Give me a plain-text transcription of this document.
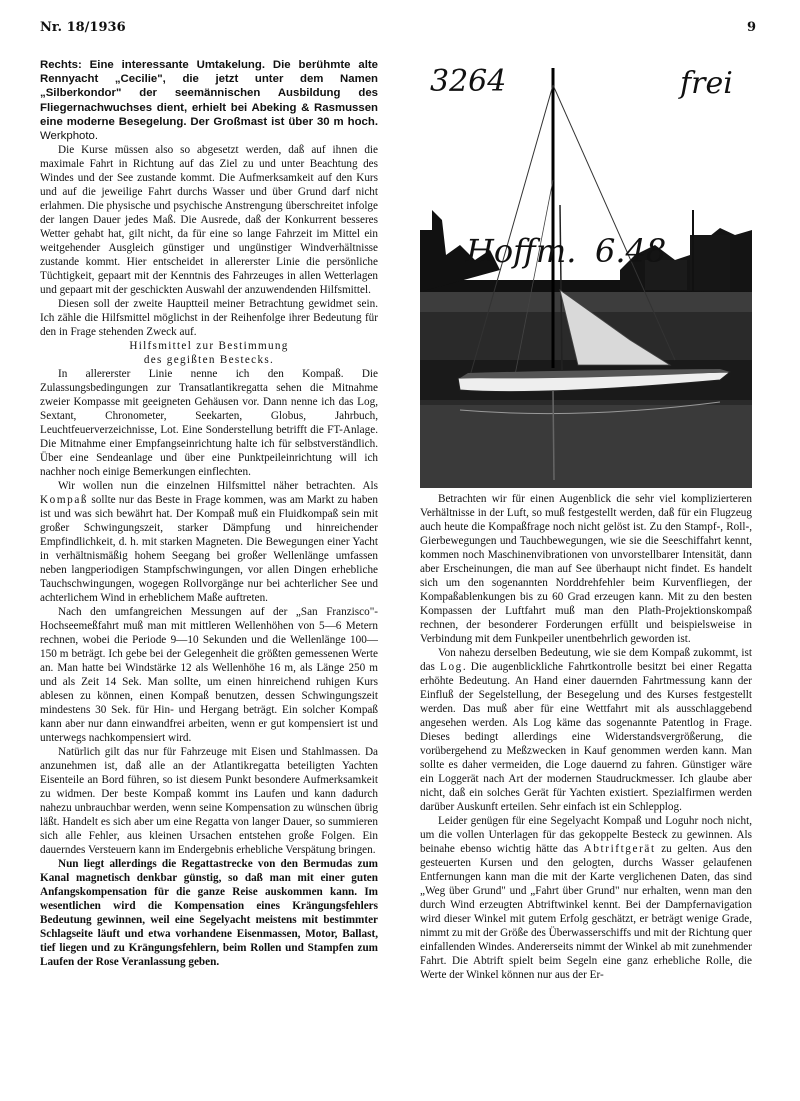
Nr. 18/1936	9

Rechts: Eine interessante Umtakelung. Die berühmte alte Rennyacht „Cecilie", die jetzt unter dem Namen „Silberkondor" der seemännischen Ausbildung des Fliegernachwuchses dient, erhielt bei Abeking & Rasmussen eine moderne Besegelung. Der Großmast ist über 30 m hoch. Werkphoto.

Die Kurse müssen also so abgesetzt werden, daß auf ihnen die maximale Fahrt in Richtung auf das Ziel zu und unter Beachtung des Windes und der See zustande kommt. Die Aufmerksamkeit auf den Kurs und auf die jeweilige Fahrt durchs Wasser und über Grund darf nicht erlahmen. Die physische und psychische Anstrengung überschreitet infolge der langen Dauer jedes Maß. Die Ausrede, daß der Konkurrent besseres Wetter gehabt hat, gilt nicht, da für eine so lange Fahrzeit im Mittel ein weitgehender Ausgleich günstiger und ungünstiger Windverhältnisse zustande kommt. Hier entscheidet in allererster Linie die persönliche Tüchtigkeit, gepaart mit der Kenntnis des Fahrzeuges in allen Wetterlagen und gepaart mit der geschickten Auswahl der anzuwendenden Hilfsmittel.

Diesen soll der zweite Hauptteil meiner Betrachtung gewidmet sein. Ich zähle die Hilfsmittel möglichst in der Reihenfolge ihrer Bedeutung für den in Frage stehenden Zweck auf.

Hilfsmittel zur Bestimmung
des gegißten Bestecks.

In allererster Linie nenne ich den Kompaß. Die Zulassungsbedingungen zur Transatlantikregatta sehen die Mitnahme zweier Kompasse mit geeigneten Gehäusen vor. Dann nenne ich das Log, Sextant, Chronometer, Seekarten, Globus, Jahrbuch, Leuchtfeuerverzeichnisse, Lot. Eine Sonderstellung betrifft die FT-Anlage. Die Mitnahme einer Empfangseinrichtung halte ich für selbstverständlich. Über eine Sendeanlage und über eine Punktpeileinrichtung will ich nachher noch einige Bemerkungen einflechten.

Wir wollen nun die einzelnen Hilfsmittel näher betrachten. Als Kompaß sollte nur das Beste in Frage kommen, was am Markt zu haben ist und was sich bewährt hat. Der Kompaß muß ein Fluidkompaß sein mit großer Schwingungszeit, starker Dämpfung und hinreichender Empfindlichkeit, d. h. mit starken Magneten. Die Bewegungen einer Yacht in verhältnismäßig hohem Seegang bei großer Wellenlänge umfassen neben langperiodigen Stampfschwingungen, vor allen Dingen erhebliche Tauchschwingungen, wogegen Rollvorgänge nur bei achterlicher See und achterlichem Wind in erheblichem Maße auftreten.

Nach den umfangreichen Messungen auf der „San Franzisco"-Hochseemeßfahrt muß man mit mittleren Wellenhöhen von 5—6 Metern rechnen, wobei die Periode 9—10 Sekunden und die Wellenlänge 100—150 m beträgt. Ich gebe bei der Gelegenheit die größten gemessenen Werte an. Man hatte bei Windstärke 12 als Wellenhöhe 16 m, als Länge 250 m und als Zeit 14 Sek. Man sollte, um einen hinreichend ruhigen Kurs ablesen zu können, einen Kompaß benutzen, dessen Schwingungszeit mindestens 30 Sek. für Hin- und Hergang beträgt. Ein solcher Kompaß kann aber nur dann einwandfrei arbeiten, wenn er gut kompensiert ist und unterwegs nachkompensiert wird.

Natürlich gilt das nur für Fahrzeuge mit Eisen und Stahlmassen. Da anzunehmen ist, daß alle an der Atlantikregatta beteiligten Yachten Eisenteile an Bord führen, so ist diesem Punkt besondere Aufmerksamkeit zu widmen. Der beste Kompaß kommt ins Laufen und kann dadurch nahezu unbrauchbar werden, wenn seine Kompensation zu wünschen übrig läßt. Handelt es sich aber um eine Regatta von langer Dauer, so summieren sich alle Fehler, aus kleinen Ursachen entstehen große Folgen. Ein dauerndes Versteuern kann im Endergebnis erhebliche Verspätung bringen.

Nun liegt allerdings die Regattastrecke von den Bermudas zum Kanal magnetisch denkbar günstig, so daß man mit einer guten Anfangskompensation für die ganze Reise auskommen kann. Im wesentlichen wird die Kompensation eines Krängungsfehlers Bedeutung gewinnen, weil eine Segelyacht meistens mit bestimmter Schlagseite läuft und etwa vorhandene Eisenmassen, Motor, Ballast, tief liegen und zu Krängungsfehlern, beim Rollen und Stampfen zum Laufen der Rose Veranlassung geben.

3264	frei
Hoffm. 6.48

Betrachten wir für einen Augenblick die sehr viel komplizierteren Verhältnisse in der Luft, so muß festgestellt werden, daß für ein Flugzeug auch heute die Kompaßfrage noch nicht gelöst ist. Zu den Stampf-, Roll-, Gierbewegungen und Tauchbewegungen, wie sie die Seeschiffahrt kennt, kommen noch Maschinenvibrationen von unvorstellbarer Intensität, dann aber Erscheinungen, die man auf See überhaupt nicht findet. Es handelt sich um den sogenannten Norddrehfehler beim Kurvenfliegen, der Kompaßablenkungen bis zu 60 Grad erzeugen kann. Mit zu den besten Kompassen der Luftfahrt muß man den Plath-Projektionskompaß rechnen, der besonderer Forderungen erfüllt und beispielsweise in Verbindung mit dem Funkpeiler unentbehrlich geworden ist.

Von nahezu derselben Bedeutung, wie sie dem Kompaß zukommt, ist das Log. Die augenblickliche Fahrtkontrolle besitzt bei einer Regatta erhöhte Bedeutung. An Hand einer dauernden Fahrtmessung kann der Einfluß der Segelstellung, der Besegelung und des Kurses festgestellt werden. Das muß aber für eine Wettfahrt mit als ausschlaggebend angesehen werden. Als Log käme das sogenannte Patentlog in Frage. Dieses bedingt allerdings eine Widerstandsvergrößerung, die vorübergehend zu Meßzwecken in Kauf genommen werden kann. Man sollte es daher vermeiden, die Loge dauernd zu fahren. Günstiger wäre ein Loggerät nach Art der modernen Staudruckmesser. Ich glaube aber nicht, daß ein solches Gerät für Yachten existiert. Spezialfirmen werden darüber Auskunft erteilen. Sehr einfach ist ein Schlepplog.

Leider genügen für eine Segelyacht Kompaß und Loguhr noch nicht, um die vollen Unterlagen für das gekoppelte Besteck zu gewinnen. Als beinahe ebenso wichtig hätte das Abtriftgerät zu gelten. Aus den gesteuerten Kursen und den gelogten, durchs Wasser gelaufenen Entfernungen kann man die mit der Karte verglichenen Daten, das sind „Weg über Grund" und „Fahrt über Grund" nur erhalten, wenn man den durch Wind erzeugten Abtriftwinkel kennt. Bei der Dampfernavigation wird dieser Winkel mit gutem Erfolg geschätzt, er beträgt wenige Grade, nimmt zu mit der Größe des Überwasserschiffs und mit der Richtung quer einfallenden Windes. Andererseits nimmt der Winkel ab mit zunehmender Fahrt. Die Abtrift spielt beim Segeln eine ganz erhebliche Rolle, die Werte der Winkel können nur aus der Er-
